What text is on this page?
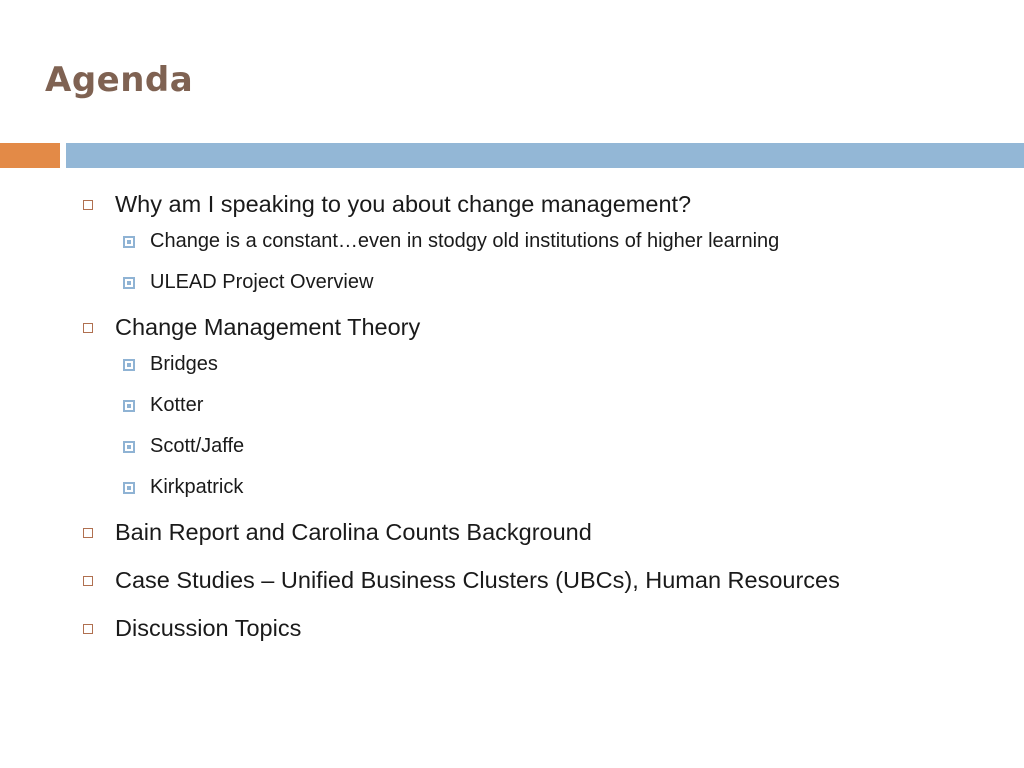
Agenda
Why am I speaking to you about change management?
Change is a constant…even in stodgy old institutions of higher learning
ULEAD Project Overview
Change Management Theory
Bridges
Kotter
Scott/Jaffe
Kirkpatrick
Bain Report and Carolina Counts Background
Case Studies – Unified Business Clusters (UBCs), Human Resources
Discussion Topics
